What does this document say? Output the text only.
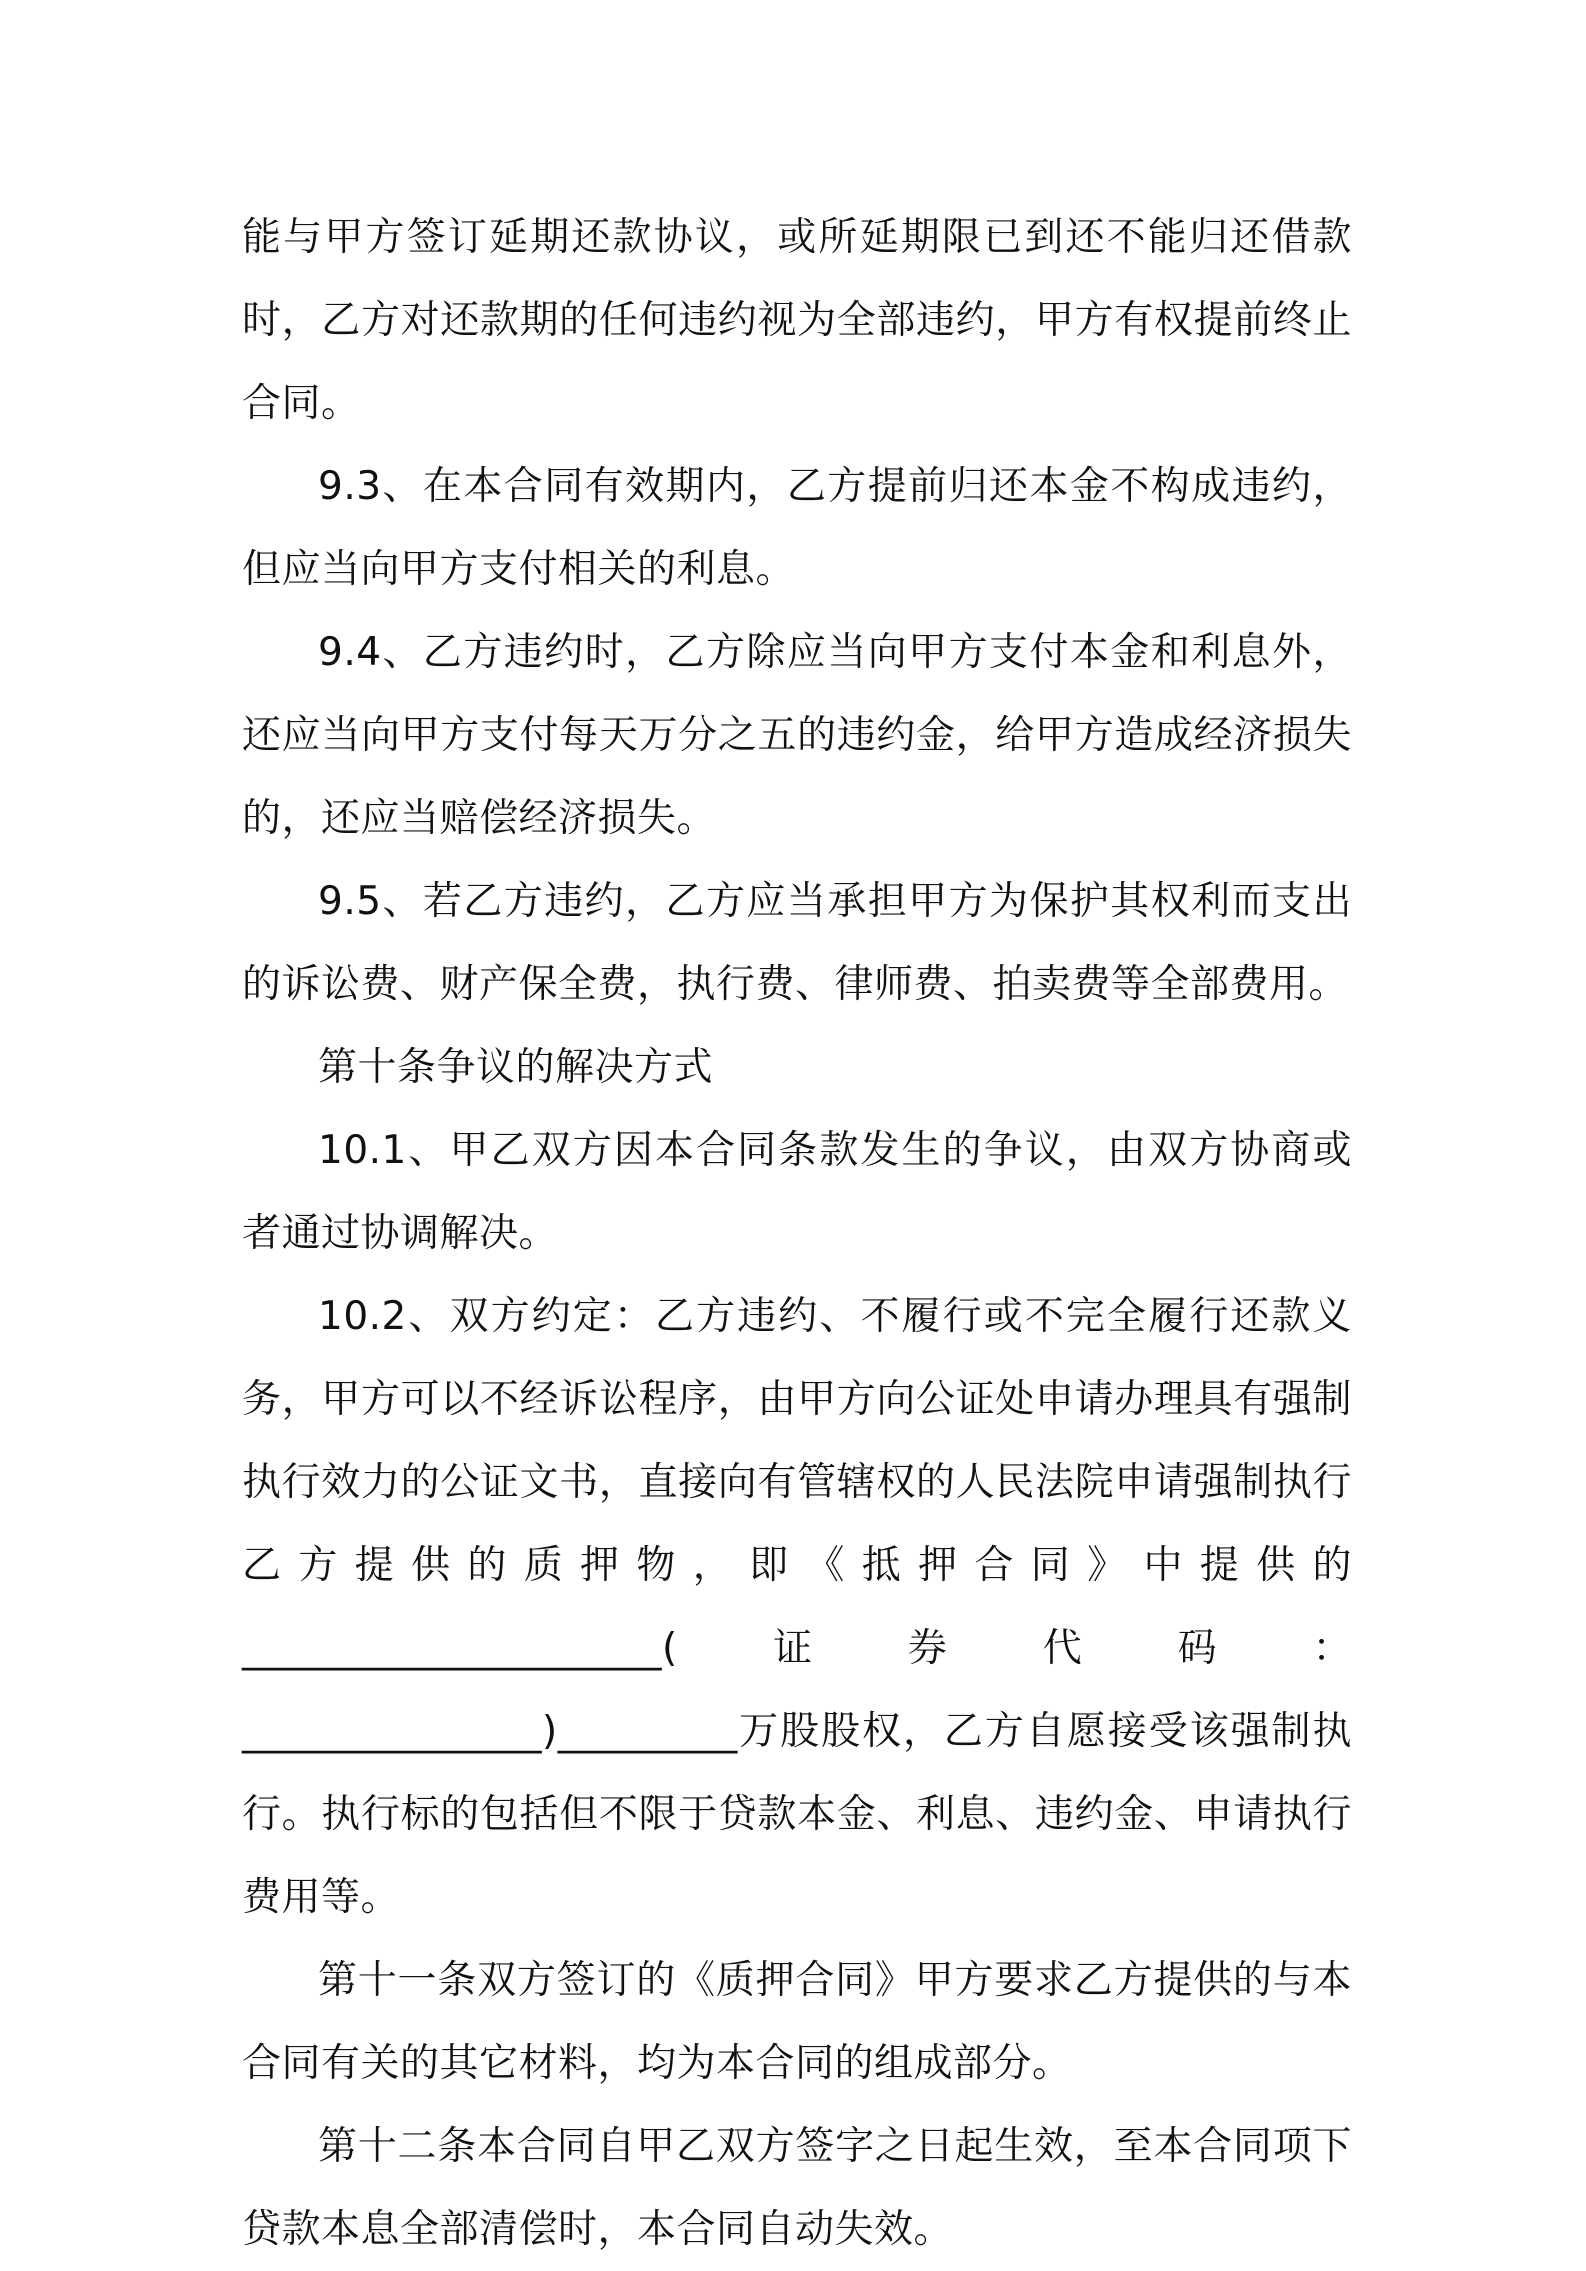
能与甲方签订延期还款协议，或所延期限已到还不能归还借款时，乙方对还款期的任何违约视为全部违约，甲方有权提前终止合同。

9.3、在本合同有效期内，乙方提前归还本金不构成违约，但应当向甲方支付相关的利息。

9.4、乙方违约时，乙方除应当向甲方支付本金和利息外，还应当向甲方支付每天万分之五的违约金，给甲方造成经济损失的，还应当赔偿经济损失。

9.5、若乙方违约，乙方应当承担甲方为保护其权利而支出的诉讼费、财产保全费，执行费、律师费、拍卖费等全部费用。

第十条争议的解决方式

10.1、甲乙双方因本合同条款发生的争议，由双方协商或者通过协调解决。

10.2、双方约定：乙方违约、不履行或不完全履行还款义务，甲方可以不经诉讼程序，由甲方向公证处申请办理具有强制执行效力的公证文书，直接向有管辖权的人民法院申请强制执行乙方提供的质押物，即《抵押合同》中提供的_____________________(证券代码：_______________)_________万股股权，乙方自愿接受该强制执行。执行标的包括但不限于贷款本金、利息、违约金、申请执行费用等。

第十一条双方签订的《质押合同》甲方要求乙方提供的与本合同有关的其它材料，均为本合同的组成部分。

第十二条本合同自甲乙双方签字之日起生效，至本合同项下贷款本息全部清偿时，本合同自动失效。
